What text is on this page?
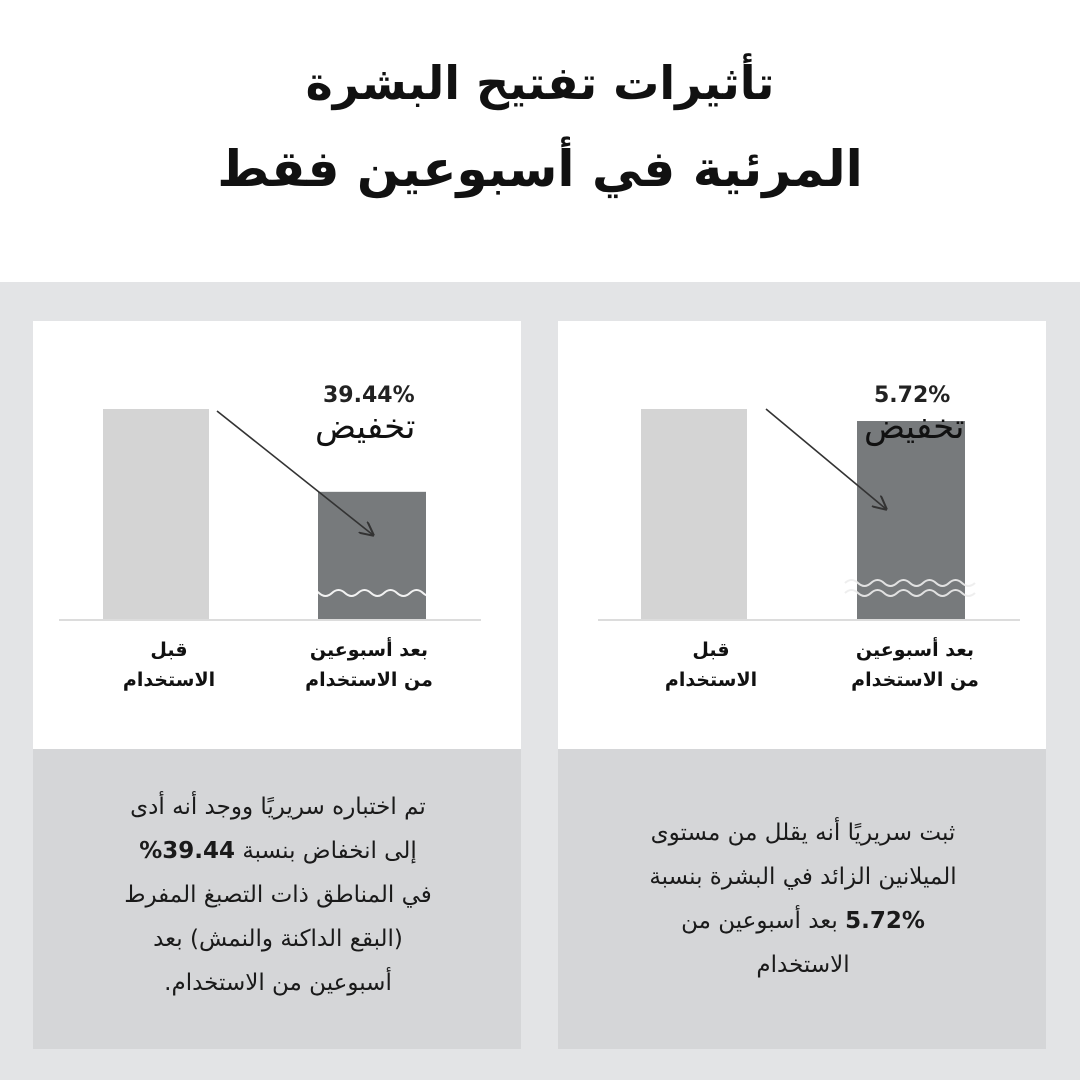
تأثيرات تفتيح البشرة
المرئية في أسبوعين فقط
39.44%
تخفيض
قبل
الاستخدام
بعد أسبوعين
من الاستخدام
تم اختباره سريريًا ووجد أنه أدى
إلى انخفاض بنسبة 39.44%
في المناطق ذات التصبغ المفرط
(البقع الداكنة والنمش) بعد
أسبوعين من الاستخدام.
5.72%
تخفيض
قبل
الاستخدام
بعد أسبوعين
من الاستخدام
ثبت سريريًا أنه يقلل من مستوى
الميلانين الزائد في البشرة بنسبة
5.72% بعد أسبوعين من
الاستخدام
